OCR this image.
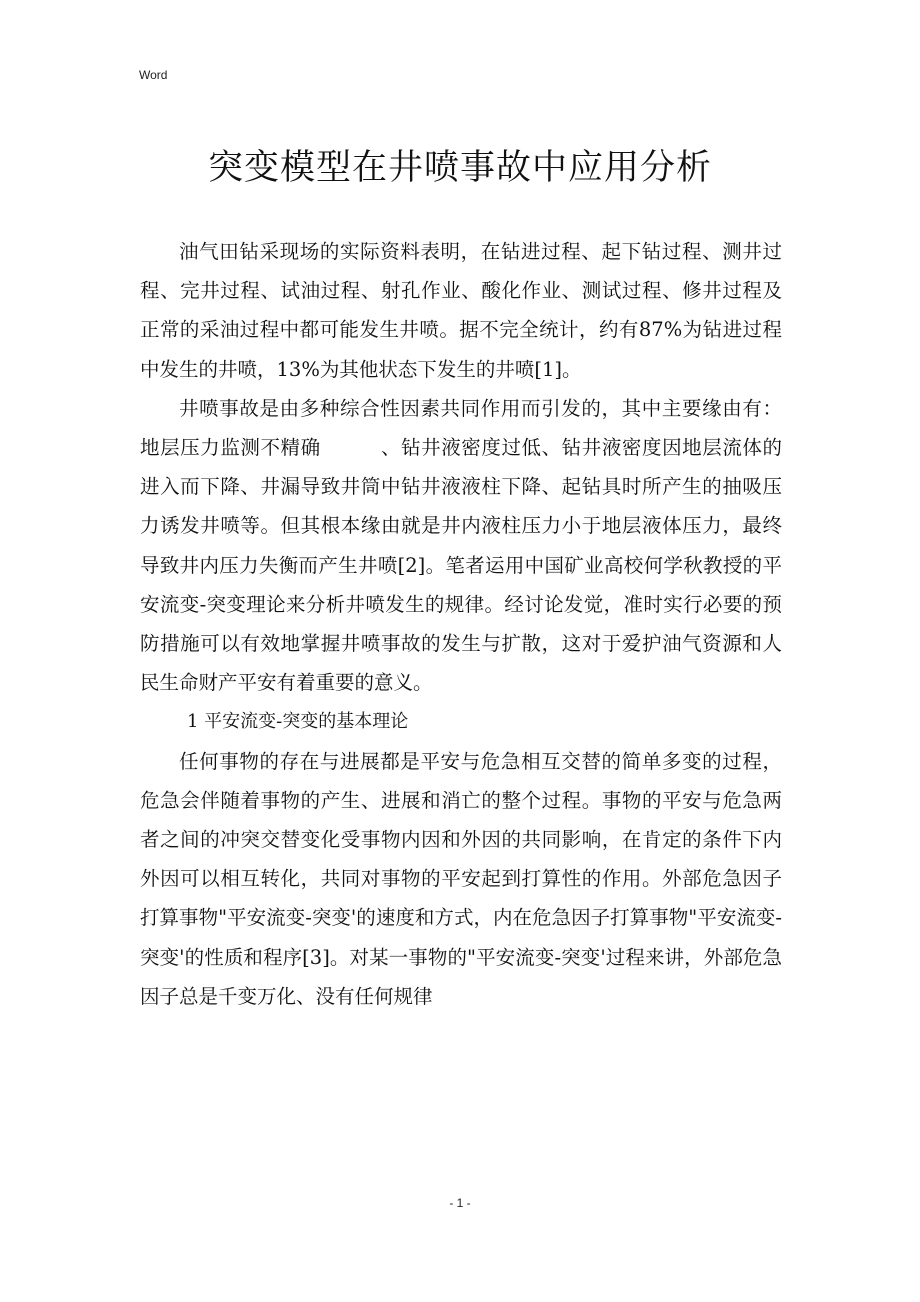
Word
突变模型在井喷事故中应用分析

油气田钻采现场的实际资料表明，在钻进过程、起下钻过程、测井过程、完井过程、试油过程、射孔作业、酸化作业、测试过程、修井过程及正常的采油过程中都可能发生井喷。据不完全统计，约有87%为钻进过程中发生的井喷，13%为其他状态下发生的井喷[1]。

井喷事故是由多种综合性因素共同作用而引发的，其中主要缘由有：地层压力监测不精确　　　、钻井液密度过低、钻井液密度因地层流体的进入而下降、井漏导致井筒中钻井液液柱下降、起钻具时所产生的抽吸压力诱发井喷等。但其根本缘由就是井内液柱压力小于地层液体压力，最终导致井内压力失衡而产生井喷[2]。笔者运用中国矿业高校何学秋教授的平安流变-突变理论来分析井喷发生的规律。经讨论发觉，准时实行必要的预防措施可以有效地掌握井喷事故的发生与扩散，这对于爱护油气资源和人民生命财产平安有着重要的意义。

1 平安流变-突变的基本理论

任何事物的存在与进展都是平安与危急相互交替的简单多变的过程，危急会伴随着事物的产生、进展和消亡的整个过程。事物的平安与危急两者之间的冲突交替变化受事物内因和外因的共同影响，在肯定的条件下内外因可以相互转化，共同对事物的平安起到打算性的作用。外部危急因子打算事物"平安流变-突变'的速度和方式，内在危急因子打算事物"平安流变-突变'的性质和程序[3]。对某一事物的"平安流变-突变'过程来讲，外部危急因子总是千变万化、没有任何规律

- 1 -
